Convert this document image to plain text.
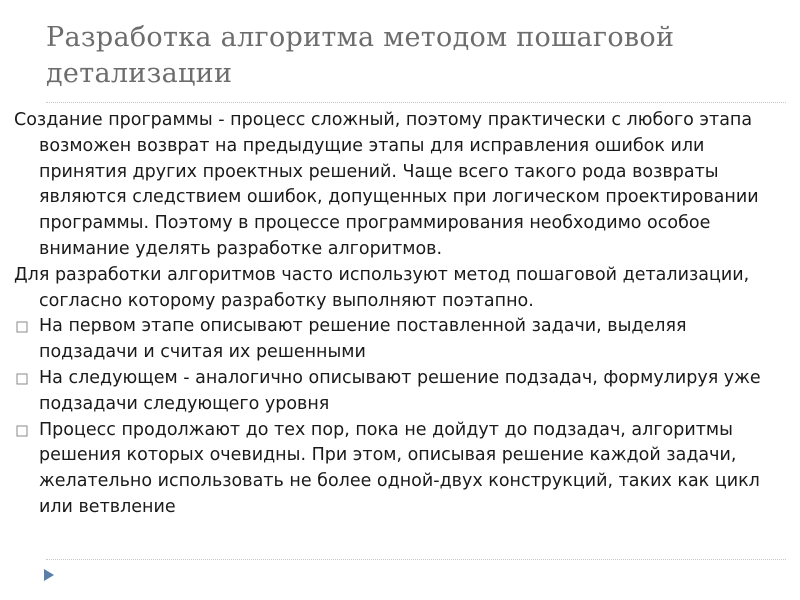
Разработка алгоритма методом пошаговой детализации

Создание программы - процесс сложный, поэтому практически с любого этапа возможен возврат на предыдущие этапы для исправления ошибок или принятия других проектных решений. Чаще всего такого рода возвраты являются следствием ошибок, допущенных при логическом проектировании программы. Поэтому в процессе программирования необходимо особое внимание уделять разработке алгоритмов.

Для разработки алгоритмов часто используют метод пошаговой детализации, согласно которому разработку выполняют поэтапно.

На первом этапе описывают решение поставленной задачи, выделяя подзадачи и считая их решенными
На следующем - аналогично описывают решение подзадач, формулируя уже подзадачи следующего уровня
Процесс продолжают до тех пор, пока не дойдут до подзадач, алгоритмы решения которых очевидны. При этом, описывая решение каждой задачи, желательно использовать не более одной-двух конструкций, таких как цикл или ветвление
